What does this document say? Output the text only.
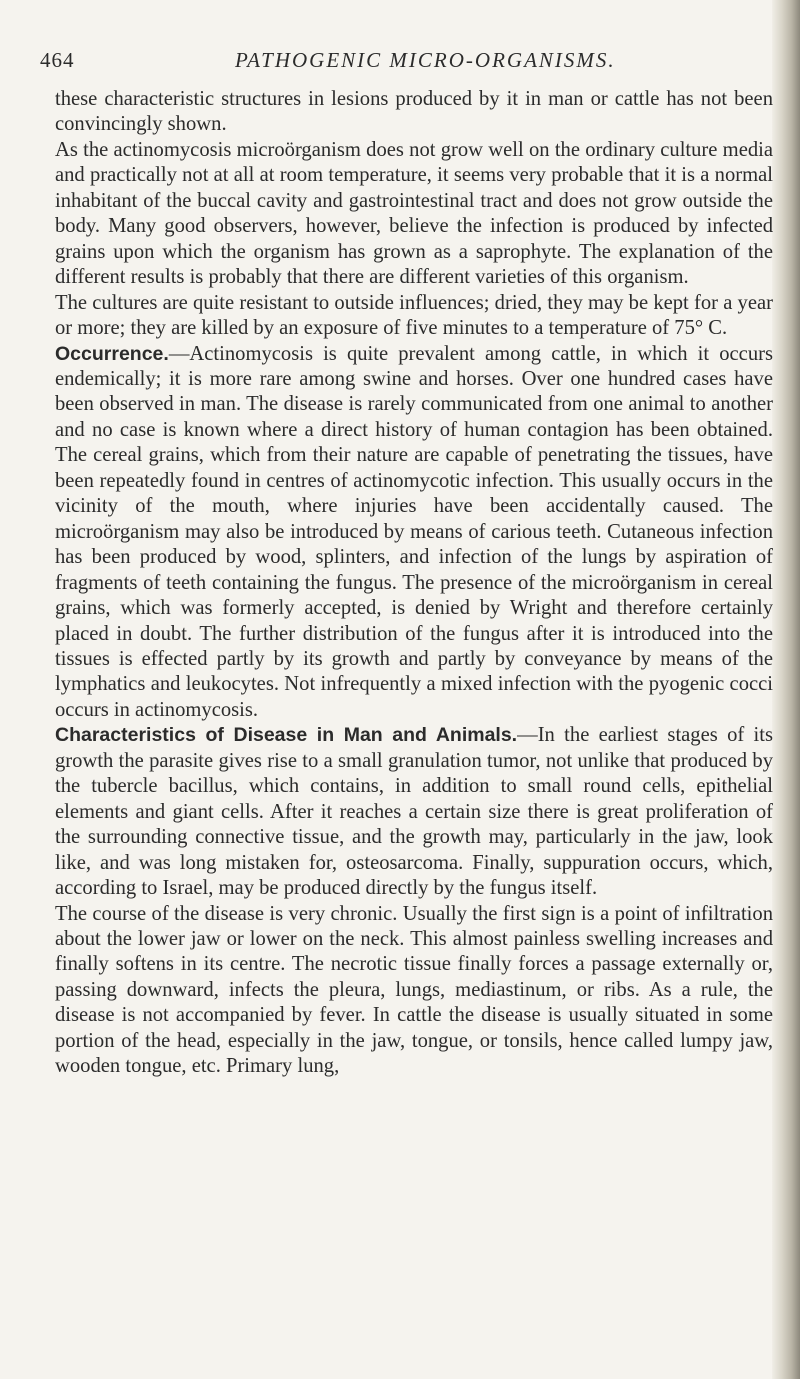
464	PATHOGENIC MICRO-ORGANISMS.

these characteristic structures in lesions produced by it in man or cattle has not been convincingly shown.

As the actinomycosis microörganism does not grow well on the ordinary culture media and practically not at all at room temperature, it seems very probable that it is a normal inhabitant of the buccal cavity and gastrointestinal tract and does not grow outside the body. Many good observers, however, believe the infection is produced by infected grains upon which the organism has grown as a saprophyte. The explanation of the different results is probably that there are different varieties of this organism.

The cultures are quite resistant to outside influences; dried, they may be kept for a year or more; they are killed by an exposure of five minutes to a temperature of 75° C.

Occurrence.—Actinomycosis is quite prevalent among cattle, in which it occurs endemically; it is more rare among swine and horses. Over one hundred cases have been observed in man. The disease is rarely communicated from one animal to another and no case is known where a direct history of human contagion has been obtained. The cereal grains, which from their nature are capable of penetrating the tissues, have been repeatedly found in centres of actinomycotic infection. This usually occurs in the vicinity of the mouth, where injuries have been accidentally caused. The microörganism may also be introduced by means of carious teeth. Cutaneous infection has been produced by wood, splinters, and infection of the lungs by aspiration of fragments of teeth containing the fungus. The presence of the microörganism in cereal grains, which was formerly accepted, is denied by Wright and therefore certainly placed in doubt. The further distribution of the fungus after it is introduced into the tissues is effected partly by its growth and partly by conveyance by means of the lymphatics and leukocytes. Not infrequently a mixed infection with the pyogenic cocci occurs in actinomycosis.

Characteristics of Disease in Man and Animals.—In the earliest stages of its growth the parasite gives rise to a small granulation tumor, not unlike that produced by the tubercle bacillus, which contains, in addition to small round cells, epithelial elements and giant cells. After it reaches a certain size there is great proliferation of the surrounding connective tissue, and the growth may, particularly in the jaw, look like, and was long mistaken for, osteosarcoma. Finally, suppuration occurs, which, according to Israel, may be produced directly by the fungus itself.

The course of the disease is very chronic. Usually the first sign is a point of infiltration about the lower jaw or lower on the neck. This almost painless swelling increases and finally softens in its centre. The necrotic tissue finally forces a passage externally or, passing downward, infects the pleura, lungs, mediastinum, or ribs. As a rule, the disease is not accompanied by fever. In cattle the disease is usually situated in some portion of the head, especially in the jaw, tongue, or tonsils, hence called lumpy jaw, wooden tongue, etc. Primary lung,
